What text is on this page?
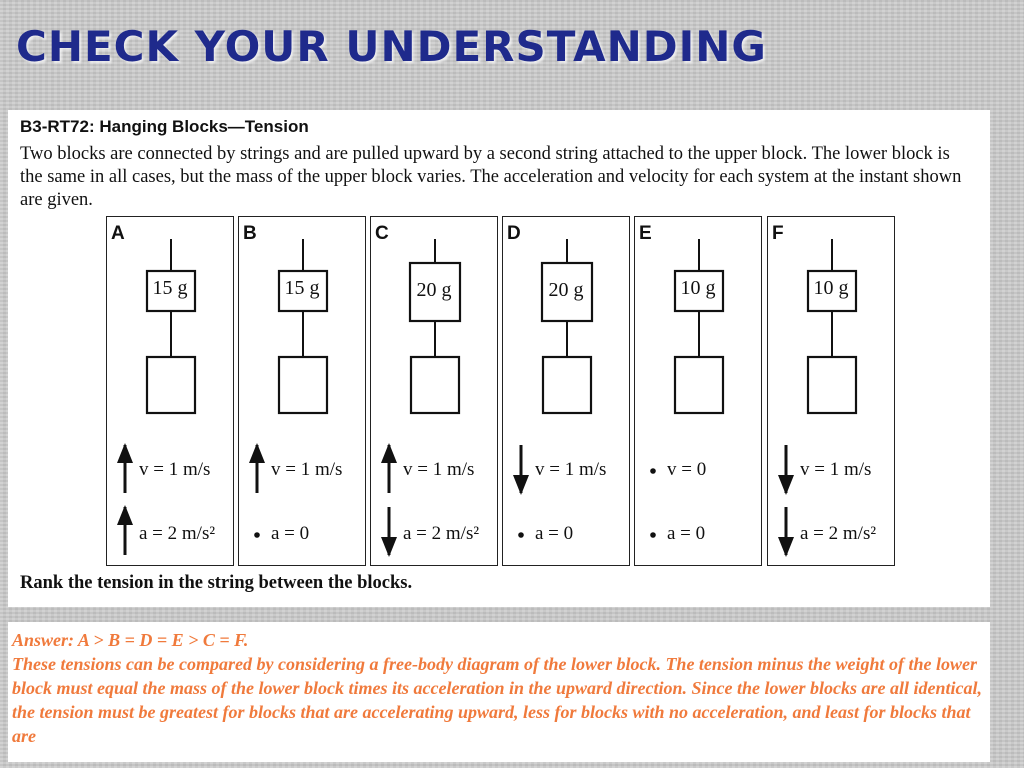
CHECK YOUR UNDERSTANDING
B3-RT72: Hanging Blocks—Tension
Two blocks are connected by strings and are pulled upward by a second string attached to the upper block. The lower block is the same in all cases, but the mass of the upper block varies. The acceleration and velocity for each system at the instant shown are given.
A
15 g
v = 1 m/s
a = 2 m/s²
B
15 g
v = 1 m/s
a = 0
C
20 g
v = 1 m/s
a = 2 m/s²
D
20 g
v = 1 m/s
a = 0
E
10 g
v = 0
a = 0
F
10 g
v = 1 m/s
a = 2 m/s²
Rank the tension in the string between the blocks.

Answer: A > B = D = E > C = F.

These tensions can be compared by considering a free-body diagram of the lower block. The tension minus the weight of the lower block must equal the mass of the lower block times its acceleration in the upward direction. Since the lower blocks are all identical, the tension must be greatest for blocks that are accelerating upward, less for blocks with no acceleration, and least for blocks that are
